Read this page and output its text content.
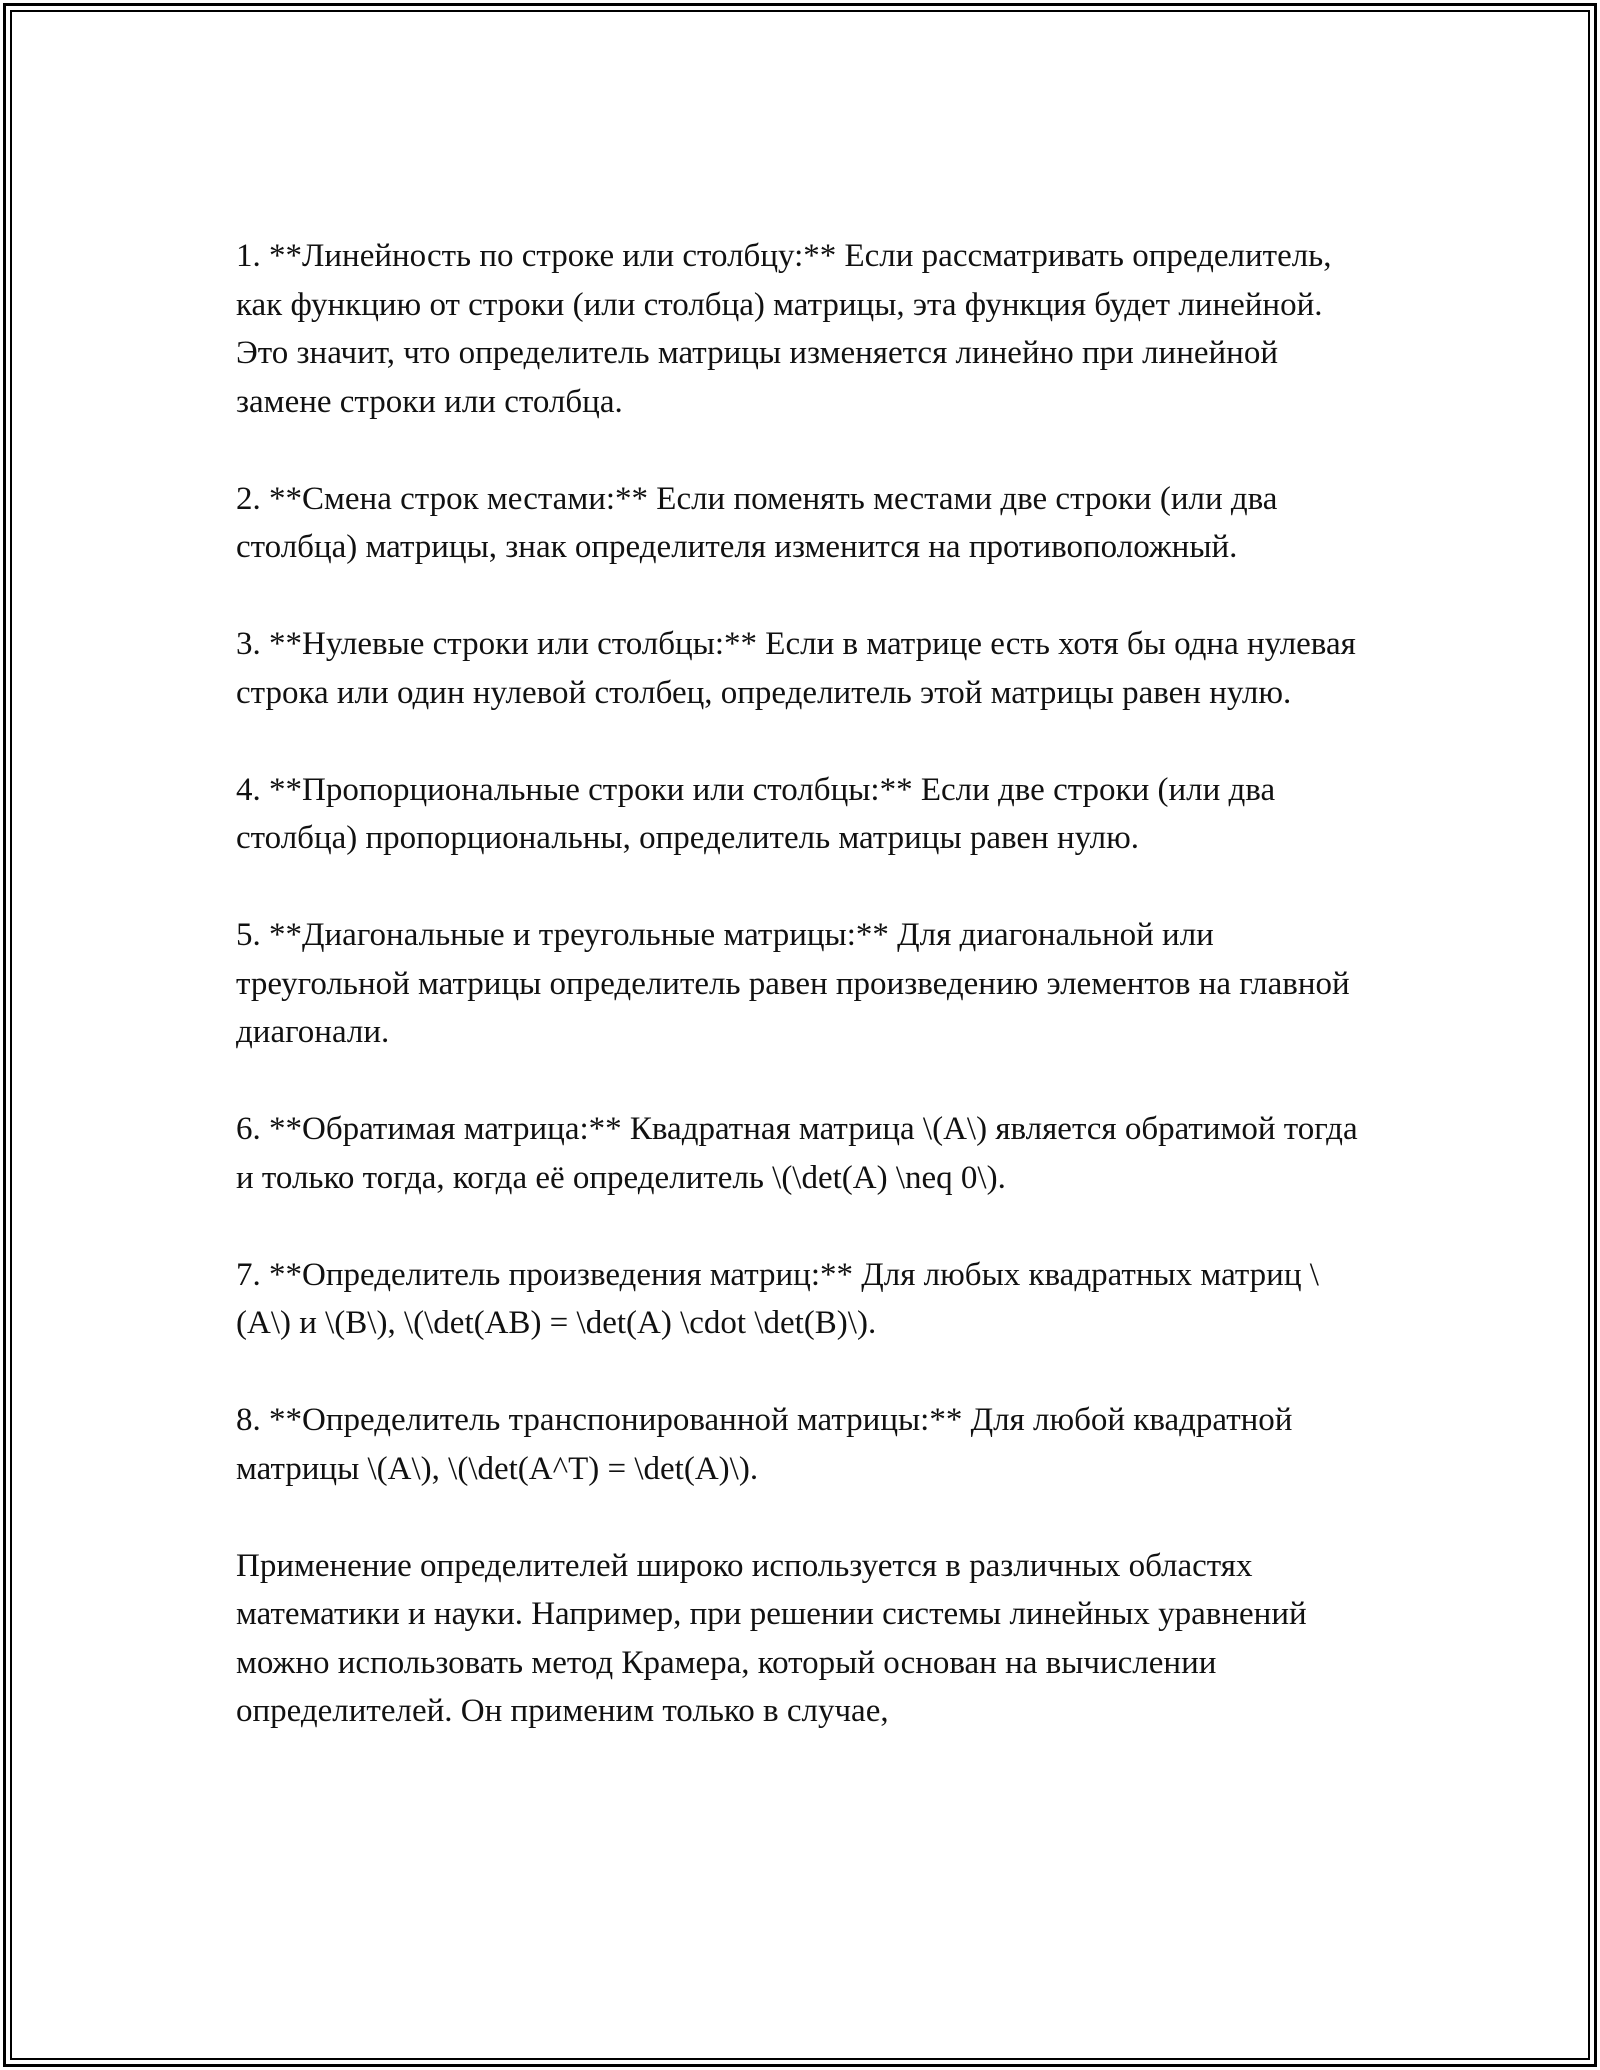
1. **Линейность по строке или столбцу:** Если рассматривать определитель, как функцию от строки (или столбца) матрицы, эта функция будет линейной. Это значит, что определитель матрицы изменяется линейно при линейной замене строки или столбца.

2. **Смена строк местами:** Если поменять местами две строки (или два столбца) матрицы, знак определителя изменится на противоположный.

3. **Нулевые строки или столбцы:** Если в матрице есть хотя бы одна нулевая строка или один нулевой столбец, определитель этой матрицы равен нулю.

4. **Пропорциональные строки или столбцы:** Если две строки (или два столбца) пропорциональны, определитель матрицы равен нулю.

5. **Диагональные и треугольные матрицы:** Для диагональной или треугольной матрицы определитель равен произведению элементов на главной диагонали.

6. **Обратимая матрица:** Квадратная матрица \(A\) является обратимой тогда и только тогда, когда её определитель \(\det(A) \neq 0\).

7. **Определитель произведения матриц:** Для любых квадратных матриц \(A\) и \(B\), \(\det(AB) = \det(A) \cdot \det(B)\).

8. **Определитель транспонированной матрицы:** Для любой квадратной матрицы \(A\), \(\det(A^T) = \det(A)\).

Применение определителей широко используется в различных областях математики и науки. Например, при решении системы линейных уравнений можно использовать метод Крамера, который основан на вычислении определителей. Он применим только в случае,
